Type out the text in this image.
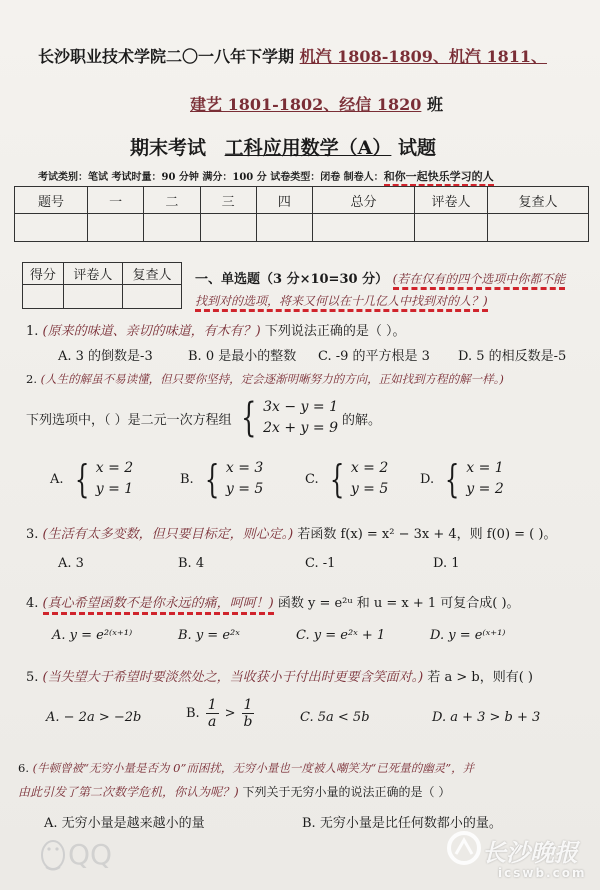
长沙职业技术学院二〇一八年下学期 机汽 1808-1809、机汽 1811、
建艺 1801-1802、经信 1820 班
期末考试 工科应用数学（A） 试题
考试类别：笔试 考试时量：90 分钟 满分：100 分 试卷类型：闭卷 制卷人：和你一起快乐学习的人
题号	一	二	三	四	总分	评卷人	复查人

得分	评卷人	复查人
		一、单选题（3 分×10=30 分） (若在仅有的四个选项中你都不能
找到对的选项，将来又何以在十几亿人中找到对的人？)
1. (原来的味道、亲切的味道，有木有？) 下列说法正确的是（ ）。
A. 3 的倒数是-3	B. 0 是最小的整数 C. -9 的平方根是 3 D. 5 的相反数是-5
2. (人生的解虽不易读懂，但只要你坚持，定会逐渐明晰努力的方向，正如找到方程的解一样。)
下列选项中，（ ）是二元一次方程组 { 3x − y = 1
2x + y = 9 的解。
A. { x = 2
y = 1
B. { x = 3
y = 5
C. { x = 2
y = 5
D. { x = 1
y = 2
3. (生活有太多变数，但只要目标定，则心定。) 若函数 f(x) = x² − 3x + 4，则 f(0) = ( )。
A. 3	B. 4	C. -1	D. 1
4. (真心希望函数不是你永远的痛，呵呵！) 函数 y = e²ᵘ 和 u = x + 1 可复合成( )。
A. y = e²⁽ˣ⁺¹⁾	B. y = e²ˣ	C. y = e²ˣ + 1	D. y = e⁽ˣ⁺¹⁾
5. (当失望大于希望时要淡然处之，当收获小于付出时更要含笑面对。) 若 a > b，则有( )
A. − 2a > −2b	B. $\frac{1}{a} > \frac{1}{b}$	C. 5a < 5b	D. a + 3 > b + 3
6. (牛顿曾被“无穷小量是否为 0”而困扰，无穷小量也一度被人嘲笑为“已死量的幽灵”，并
由此引发了第二次数学危机，你认为呢？) 下列关于无穷小量的说法正确的是（ ）
A. 无穷小量是越来越小的量	B. 无穷小量是比任何数都小的量。
QQ	长沙晚报
icswb.com
